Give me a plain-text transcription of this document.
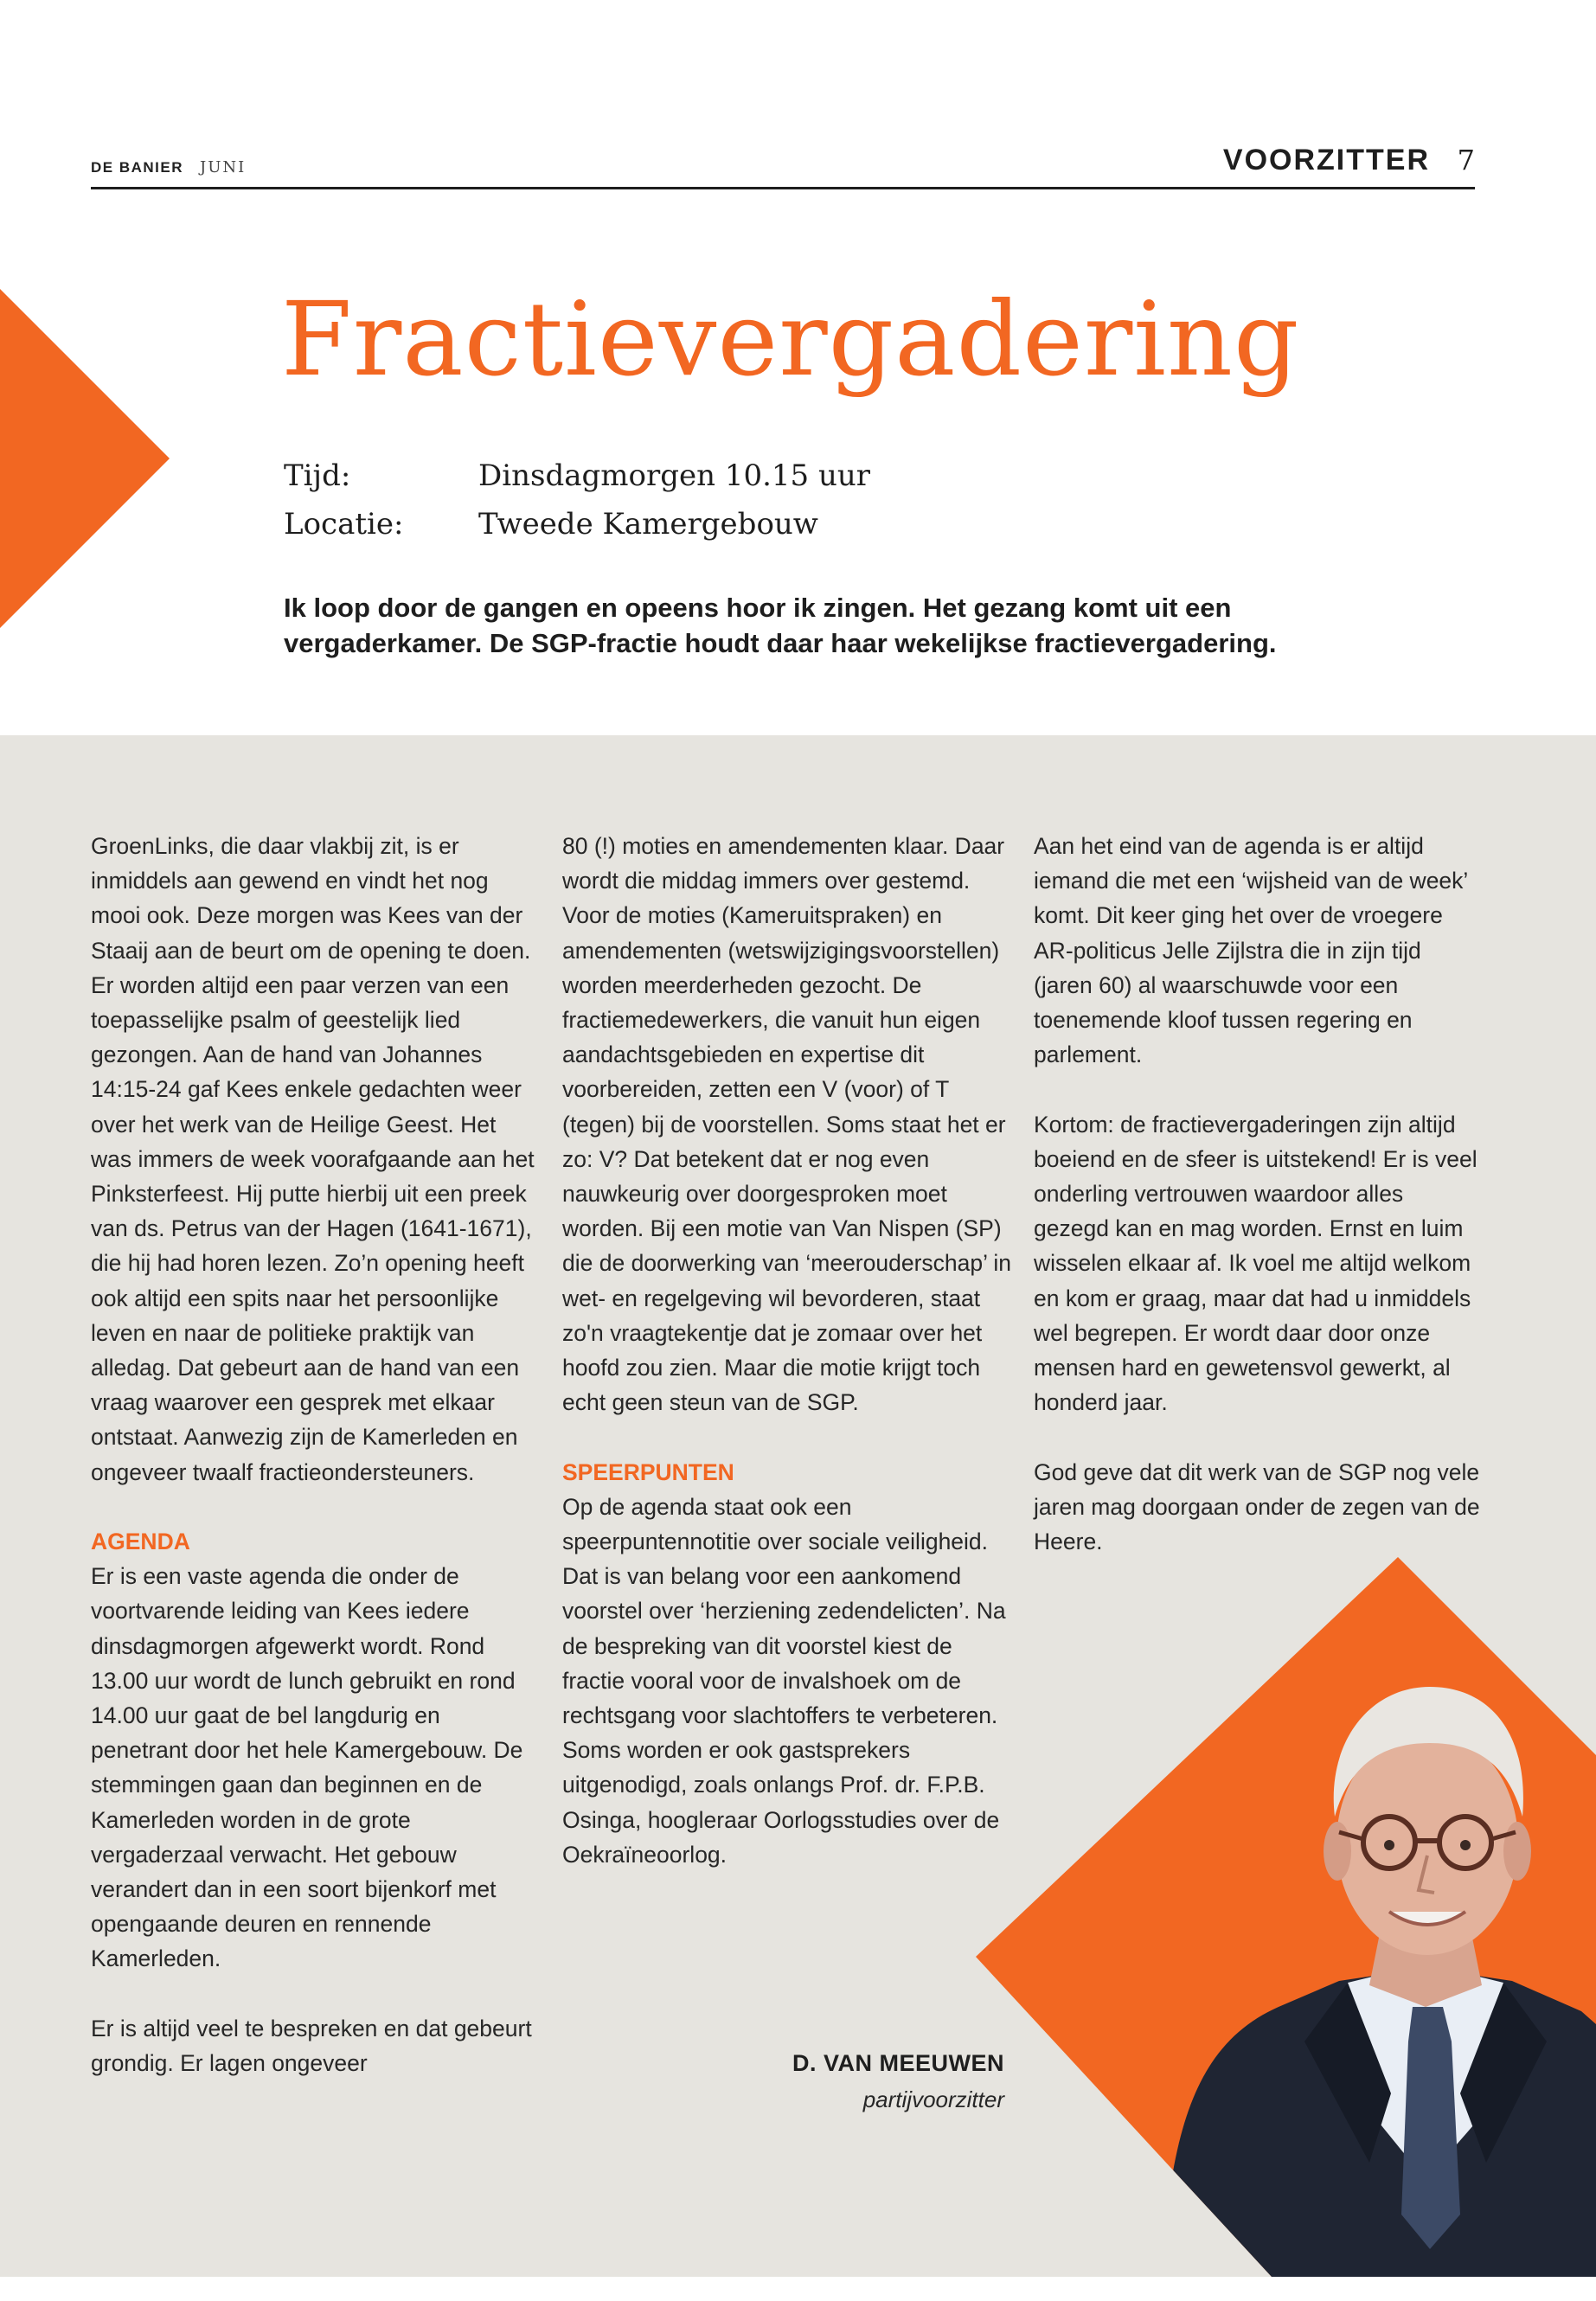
DE BANIER JUNI	VOORZITTER 7
Fractievergadering
Tijd:	Dinsdagmorgen 10.15 uur
Locatie:	Tweede Kamergebouw
Ik loop door de gangen en opeens hoor ik zingen. Het gezang komt uit een vergaderkamer. De SGP-fractie houdt daar haar wekelijkse fractievergadering.

GroenLinks, die daar vlakbij zit, is er inmiddels aan gewend en vindt het nog mooi ook. Deze morgen was Kees van der Staaij aan de beurt om de opening te doen. Er worden altijd een paar verzen van een toepasselijke psalm of geestelijk lied gezongen. Aan de hand van Johannes 14:15-24 gaf Kees enkele gedachten weer over het werk van de Heilige Geest. Het was immers de week voorafgaande aan het Pinksterfeest. Hij putte hierbij uit een preek van ds. Petrus van der Hagen (1641-1671), die hij had horen lezen. Zo’n opening heeft ook altijd een spits naar het persoonlijke leven en naar de politieke praktijk van alledag. Dat gebeurt aan de hand van een vraag waarover een gesprek met elkaar ontstaat. Aanwezig zijn de Kamerleden en ongeveer twaalf fractieondersteuners.

AGENDA

Er is een vaste agenda die onder de voortvarende leiding van Kees iedere dinsdagmorgen afgewerkt wordt. Rond 13.00 uur wordt de lunch gebruikt en rond 14.00 uur gaat de bel langdurig en penetrant door het hele Kamergebouw. De stemmingen gaan dan beginnen en de Kamerleden worden in de grote vergaderzaal verwacht. Het gebouw verandert dan in een soort bijenkorf met opengaande deuren en rennende Kamerleden.

Er is altijd veel te bespreken en dat gebeurt grondig. Er lagen ongeveer

80 (!) moties en amendementen klaar. Daar wordt die middag immers over gestemd. Voor de moties (Kameruitspraken) en amendementen (wetswijzigingsvoorstellen) worden meerderheden gezocht. De fractiemedewerkers, die vanuit hun eigen aandachtsgebieden en expertise dit voorbereiden, zetten een V (voor) of T (tegen) bij de voorstellen. Soms staat het er zo: V? Dat betekent dat er nog even nauwkeurig over doorgesproken moet worden. Bij een motie van Van Nispen (SP) die de doorwerking van ‘meerouderschap’ in wet- en regelgeving wil bevorderen, staat zo'n vraagtekentje dat je zomaar over het hoofd zou zien. Maar die motie krijgt toch echt geen steun van de SGP.

SPEERPUNTEN

Op de agenda staat ook een speerpuntennotitie over sociale veiligheid. Dat is van belang voor een aankomend voorstel over ‘herziening zedendelicten’. Na de bespreking van dit voorstel kiest de fractie vooral voor de invalshoek om de rechtsgang voor slachtoffers te verbeteren. Soms worden er ook gastsprekers uitgenodigd, zoals onlangs Prof. dr. F.P.B. Osinga, hoogleraar Oorlogsstudies over de Oekraïneoorlog.

Aan het eind van de agenda is er altijd iemand die met een ‘wijsheid van de week’ komt. Dit keer ging het over de vroegere AR-politicus Jelle Zijlstra die in zijn tijd (jaren 60) al waarschuwde voor een toenemende kloof tussen regering en parlement.

Kortom: de fractievergaderingen zijn altijd boeiend en de sfeer is uitstekend! Er is veel onderling vertrouwen waardoor alles gezegd kan en mag worden. Ernst en luim wisselen elkaar af. Ik voel me altijd welkom en kom er graag, maar dat had u inmiddels wel begrepen. Er wordt daar door onze mensen hard en gewetensvol gewerkt, al honderd jaar.

God geve dat dit werk van de SGP nog vele jaren mag doorgaan onder de zegen van de Heere.

D. VAN MEEUWEN
partijvoorzitter
